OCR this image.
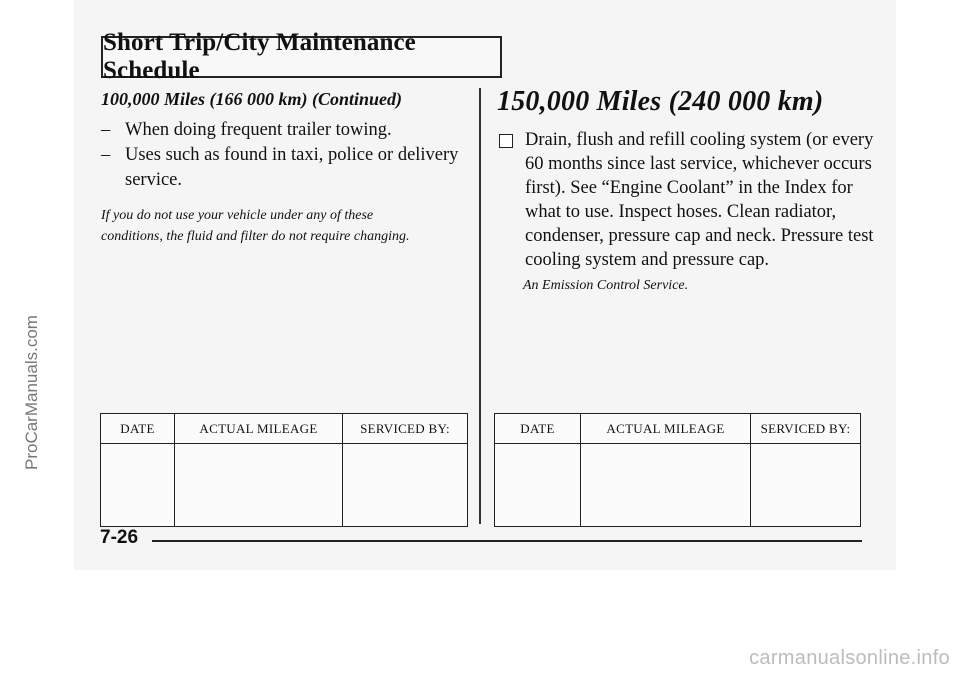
Short Trip/City Maintenance Schedule
100,000 Miles (166 000 km) (Continued)
– When doing frequent trailer towing.
– Uses such as found in taxi, police or delivery service.
If you do not use your vehicle under any of these conditions, the fluid and filter do not require changing.
150,000 Miles (240 000 km)
Drain, flush and refill cooling system (or every 60 months since last service, whichever occurs first). See “Engine Coolant” in the Index for what to use. Inspect hoses. Clean radiator, condenser, pressure cap and neck. Pressure test cooling system and pressure cap.
An Emission Control Service.
DATE	ACTUAL MILEAGE	SERVICED BY:
			DATE	ACTUAL MILEAGE	SERVICED BY:

7-26
ProCarManuals.com
carmanualsonline.info
